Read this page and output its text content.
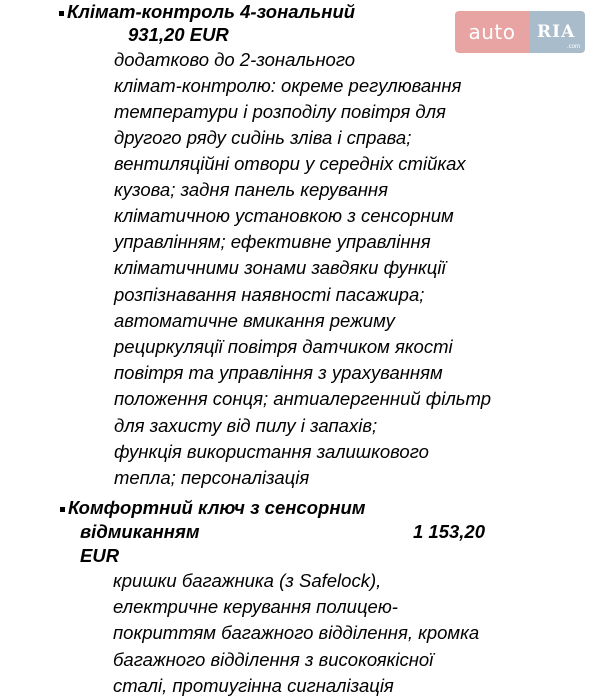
auto	RIA
.com
Клімат-контроль 4-зональний
931,20 EUR
додатково до 2-зонального
клімат-контролю: окреме регулювання
температури і розподілу повітря для
другого ряду сидінь зліва і справа;
вентиляційні отвори у середніх стійках
кузова; задня панель керування
кліматичною установкою з сенсорним
управлінням; ефективне управління
кліматичними зонами завдяки функції
розпізнавання наявності пасажира;
автоматичне вмикання режиму
рециркуляції повітря датчиком якості
повітря та управління з урахуванням
положення сонця; антиалергенний фільтр
для захисту від пилу і запахів;
функція використання залишкового
тепла; персоналізація
Комфортний ключ з сенсорним
відмиканням	1 153,20
EUR
кришки багажника (з Safelock),
електричне керування полицею-
покриттям багажного відділення, кромка
багажного відділення з високоякісної
сталі, протиугінна сигналізація
